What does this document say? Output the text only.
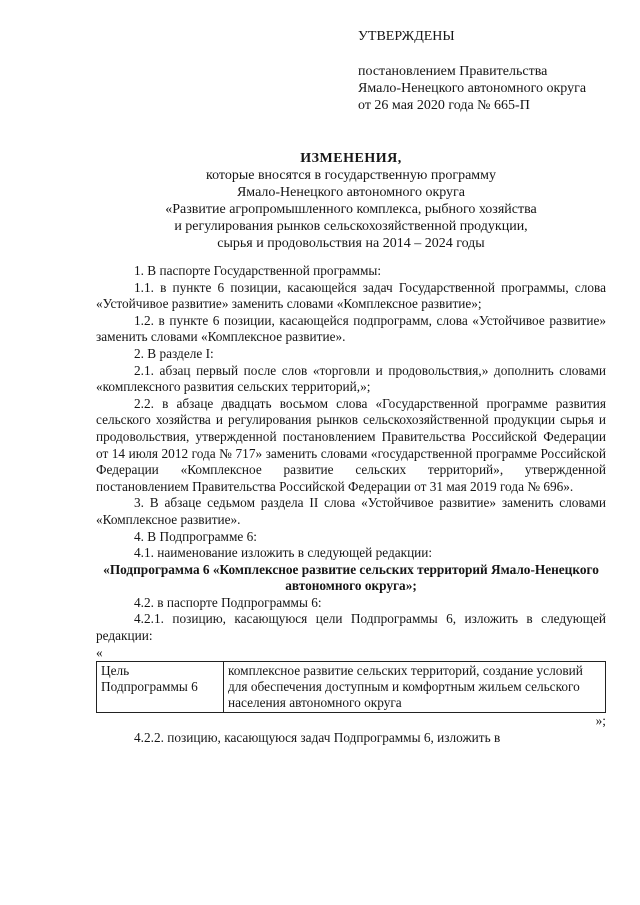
УТВЕРЖДЕНЫ

постановлением Правительства

Ямало-Ненецкого автономного округа

от 26 мая 2020 года № 665-П

ИЗМЕНЕНИЯ,

которые вносятся в государственную программу

Ямало-Ненецкого автономного округа

«Развитие агропромышленного комплекса, рыбного хозяйства

и регулирования рынков сельскохозяйственной продукции,

сырья и продовольствия на 2014 – 2024 годы

1. В паспорте Государственной программы:

1.1. в пункте 6 позиции, касающейся задач Государственной программы, слова «Устойчивое развитие» заменить словами «Комплексное развитие»;

1.2. в пункте 6 позиции, касающейся подпрограмм, слова «Устойчивое развитие» заменить словами «Комплексное развитие».

2. В разделе I:

2.1. абзац первый после слов «торговли и продовольствия,» дополнить словами «комплексного развития сельских территорий,»;

2.2. в абзаце двадцать восьмом слова «Государственной программе развития сельского хозяйства и регулирования рынков сельскохозяйственной продукции сырья и продовольствия, утвержденной постановлением Правительства Российской Федерации от 14 июля 2012 года № 717» заменить словами «государственной программе Российской Федерации «Комплексное развитие сельских территорий», утвержденной постановлением Правительства Российской Федерации от 31 мая 2019 года № 696».

3. В абзаце седьмом раздела II слова «Устойчивое развитие» заменить словами «Комплексное развитие».

4. В Подпрограмме 6:

4.1. наименование изложить в следующей редакции:

«Подпрограмма 6 «Комплексное развитие сельских территорий Ямало-Ненецкого автономного округа»;

4.2. в паспорте Подпрограммы 6:

4.2.1. позицию, касающуюся цели Подпрограммы 6, изложить в следующей редакции:

«

Цель Подпрограммы 6	комплексное развитие сельских территорий, создание условий для обеспечения доступным и комфортным жильем сельского населения автономного округа

»;

4.2.2. позицию, касающуюся задач Подпрограммы 6, изложить в
